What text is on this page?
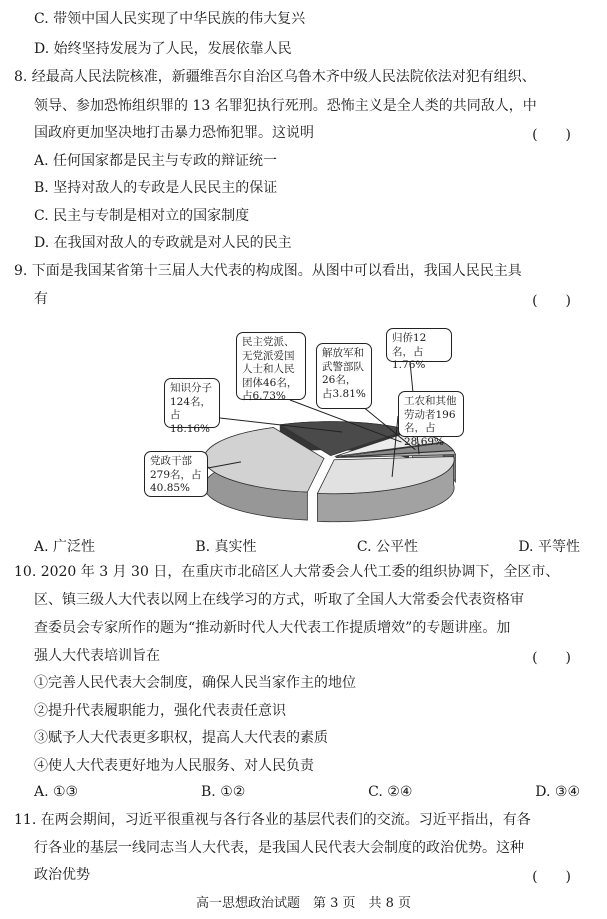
C. 带领中国人民实现了中华民族的伟大复兴
D. 始终坚持发展为了人民，发展依靠人民
8. 经最高人民法院核准，新疆维吾尔自治区乌鲁木齐中级人民法院依法对犯有组织、
领导、参加恐怖组织罪的 13 名罪犯执行死刑。恐怖主义是全人类的共同敌人，中
国政府更加坚决地打击暴力恐怖犯罪。这说明	(　　)
A. 任何国家都是民主与专政的辩证统一
B. 坚持对敌人的专政是人民民主的保证
C. 民主与专制是相对立的国家制度
D. 在我国对敌人的专政就是对人民的民主
9. 下面是我国某省第十三届人大代表的构成图。从图中可以看出，我国人民民主具
有	(　　)
知识分子124名，占18.16%
民主党派、无党派爱国人士和人民团体46名，占6.73%
解放军和武警部队26名，占3.81%
归侨12名，占1.76%
工农和其他劳动者196名，占28.69%
党政干部279名，占40.85%
A. 广泛性	B. 真实性	C. 公平性	D. 平等性
10. 2020 年 3 月 30 日，在重庆市北碚区人大常委会人代工委的组织协调下，全区市、
区、镇三级人大代表以网上在线学习的方式，听取了全国人大常委会代表资格审
查委员会专家所作的题为“推动新时代人大代表工作提质增效”的专题讲座。加
强人大代表培训旨在	(　　)
①完善人民代表大会制度，确保人民当家作主的地位
②提升代表履职能力，强化代表责任意识
③赋予人大代表更多职权，提高人大代表的素质
④使人大代表更好地为人民服务、对人民负责
A. ①③	B. ①②	C. ②④	D. ③④
11. 在两会期间，习近平很重视与各行各业的基层代表们的交流。习近平指出，有各
行各业的基层一线同志当人大代表，是我国人民代表大会制度的政治优势。这种
政治优势	(　　)
高一思想政治试题　第 3 页　共 8 页
